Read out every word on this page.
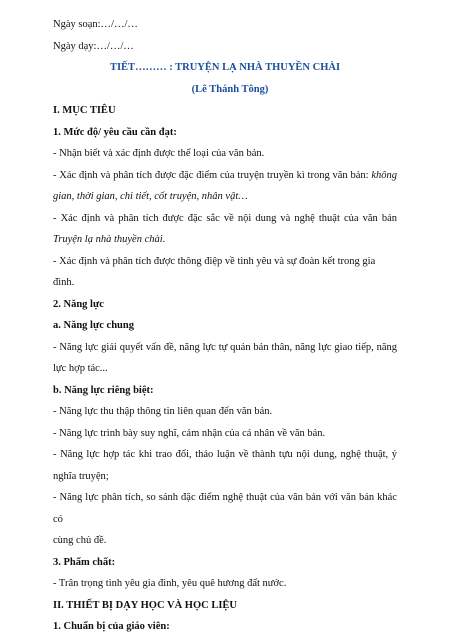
Ngày soạn:…/…/…

Ngày dạy:…/…/…

TIẾT……… : TRUYỆN LẠ NHÀ THUYỀN CHÀI

(Lê Thánh Tông)

I. MỤC TIÊU

1. Mức độ/ yêu cầu cần đạt:

- Nhận biết và xác định được thể loại của văn bản.

- Xác định và phân tích được đặc điểm của truyện truyền kì trong văn bản: không

gian, thời gian, chi tiết, cốt truyện, nhân vật…

- Xác định và phân tích được đặc sắc về nội dung và nghệ thuật của văn bản

Truyện lạ nhà thuyền chài.

- Xác định và phân tích được thông điệp về tình yêu và sự đoàn kết trong gia đình.

2. Năng lực

a. Năng lực chung

- Năng lực giải quyết vấn đề, năng lực tự quản bản thân, năng lực giao tiếp, năng

lực hợp tác...

b. Năng lực riêng biệt:

- Năng lực thu thập thông tin liên quan đến văn bản.

- Năng lực trình bày suy nghĩ, cảm nhận của cá nhân về văn bản.

- Năng lực hợp tác khi trao đổi, thảo luận về thành tựu nội dung, nghệ thuật, ý

nghĩa truyện;

- Năng lực phân tích, so sánh đặc điểm nghệ thuật của văn bản với văn bản khác có

cùng chủ đề.

3. Phẩm chất:

- Trân trọng tình yêu gia đình, yêu quê hương đất nước.

II. THIẾT BỊ DẠY HỌC VÀ HỌC LIỆU

1. Chuẩn bị của giáo viên:
